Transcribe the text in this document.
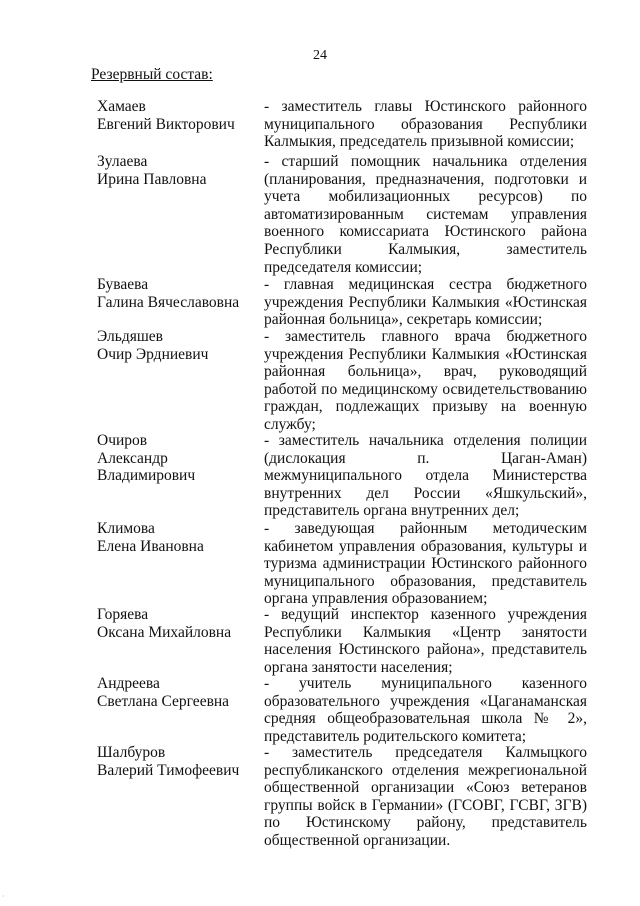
24
Резервный состав:
Хамаев
Евгений Викторович
- заместитель главы Юстинского районного муниципального образования Республики Калмыкия, председатель призывной комиссии;
Зулаева
Ирина Павловна
- старший помощник начальника отделения (планирования, предназначения, подготовки и учета мобилизационных ресурсов) по автоматизированным системам управления военного комиссариата Юстинского района Республики Калмыкия, заместитель председателя комиссии;
Буваева
Галина Вячеславовна
- главная медицинская сестра бюджетного учреждения Республики Калмыкия «Юстинская районная больница», секретарь комиссии;
Эльдяшев
Очир Эрдниевич
- заместитель главного врача бюджетного учреждения Республики Калмыкия «Юстинская районная больница», врач, руководящий работой по медицинскому освидетельствованию граждан, подлежащих призыву на военную службу;
Очиров
Александр
Владимирович
- заместитель начальника отделения полиции (дислокация п. Цаган-Аман) межмуниципального отдела Министерства внутренних дел России «Яшкульский», представитель органа внутренних дел;
Климова
Елена Ивановна
- заведующая районным методическим кабинетом управления образования, культуры и туризма администрации Юстинского районного муниципального образования, представитель органа управления образованием;
Горяева
Оксана Михайловна
- ведущий инспектор казенного учреждения Республики Калмыкия «Центр занятости населения Юстинского района», представитель органа занятости населения;
Андреева
Светлана Сергеевна
- учитель муниципального казенного образовательного учреждения «Цаганаманская средняя общеобразовательная школа № 2», представитель родительского комитета;
Шалбуров
Валерий Тимофеевич
- заместитель председателя Калмыцкого республиканского отделения межрегиональной общественной организации «Союз ветеранов группы войск в Германии» (ГСОВГ, ГСВГ, ЗГВ) по Юстинскому району, представитель общественной организации.
·
